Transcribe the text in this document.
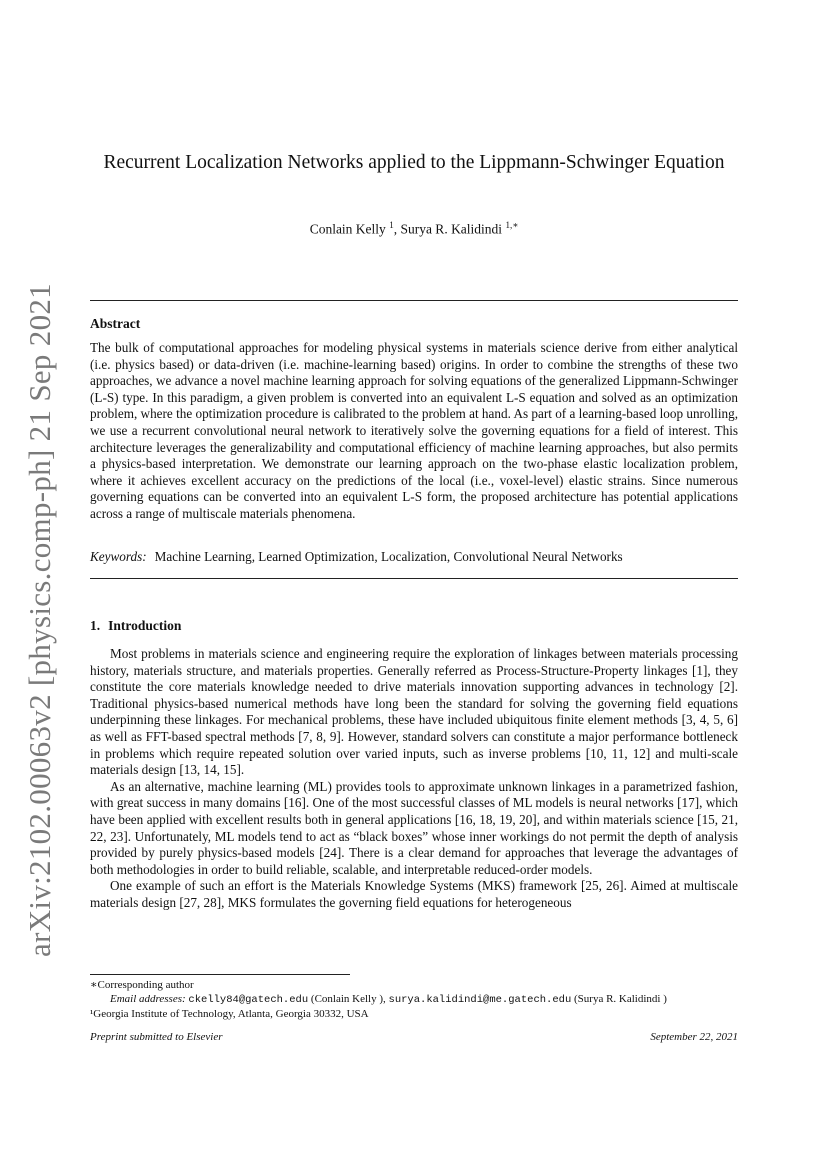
arXiv:2102.00063v2 [physics.comp-ph] 21 Sep 2021
Recurrent Localization Networks applied to the Lippmann-Schwinger Equation
Conlain Kelly $^1$, Surya R. Kalidindi $^{1,∗}$
Abstract

The bulk of computational approaches for modeling physical systems in materials science derive from either analytical (i.e. physics based) or data-driven (i.e. machine-learning based) origins. In order to combine the strengths of these two approaches, we advance a novel machine learning approach for solving equations of the generalized Lippmann-Schwinger (L-S) type. In this paradigm, a given problem is converted into an equivalent L-S equation and solved as an optimization problem, where the optimization procedure is calibrated to the problem at hand. As part of a learning-based loop unrolling, we use a recurrent convolutional neural network to iteratively solve the governing equations for a field of interest. This architecture leverages the generalizability and computational efficiency of machine learning approaches, but also permits a physics-based interpretation. We demonstrate our learning approach on the two-phase elastic localization problem, where it achieves excellent accuracy on the predictions of the local (i.e., voxel-level) elastic strains. Since numerous governing equations can be converted into an equivalent L-S form, the proposed architecture has potential applications across a range of multiscale materials phenomena.

Keywords: Machine Learning, Learned Optimization, Localization, Convolutional Neural Networks
1. Introduction

Most problems in materials science and engineering require the exploration of linkages between materials processing history, materials structure, and materials properties. Generally referred as Process-Structure-Property linkages [1], they constitute the core materials knowledge needed to drive materials innovation supporting advances in technology [2]. Traditional physics-based numerical methods have long been the standard for solving the governing field equations underpinning these linkages. For mechanical problems, these have included ubiquitous finite element methods [3, 4, 5, 6] as well as FFT-based spectral methods [7, 8, 9]. However, standard solvers can constitute a major performance bottleneck in problems which require repeated solution over varied inputs, such as inverse problems [10, 11, 12] and multi-scale materials design [13, 14, 15].

As an alternative, machine learning (ML) provides tools to approximate unknown linkages in a parametrized fashion, with great success in many domains [16]. One of the most successful classes of ML models is neural networks [17], which have been applied with excellent results both in general applications [16, 18, 19, 20], and within materials science [15, 21, 22, 23]. Unfortunately, ML models tend to act as “black boxes” whose inner workings do not permit the depth of analysis provided by purely physics-based models [24]. There is a clear demand for approaches that leverage the advantages of both methodologies in order to build reliable, scalable, and interpretable reduced-order models.

One example of such an effort is the Materials Knowledge Systems (MKS) framework [25, 26]. Aimed at multiscale materials design [27, 28], MKS formulates the governing field equations for heterogeneous

∗Corresponding author

Email addresses: ckelly84@gatech.edu (Conlain Kelly ), surya.kalidindi@me.gatech.edu (Surya R. Kalidindi )

¹Georgia Institute of Technology, Atlanta, Georgia 30332, USA

Preprint submitted to Elsevier	September 22, 2021
